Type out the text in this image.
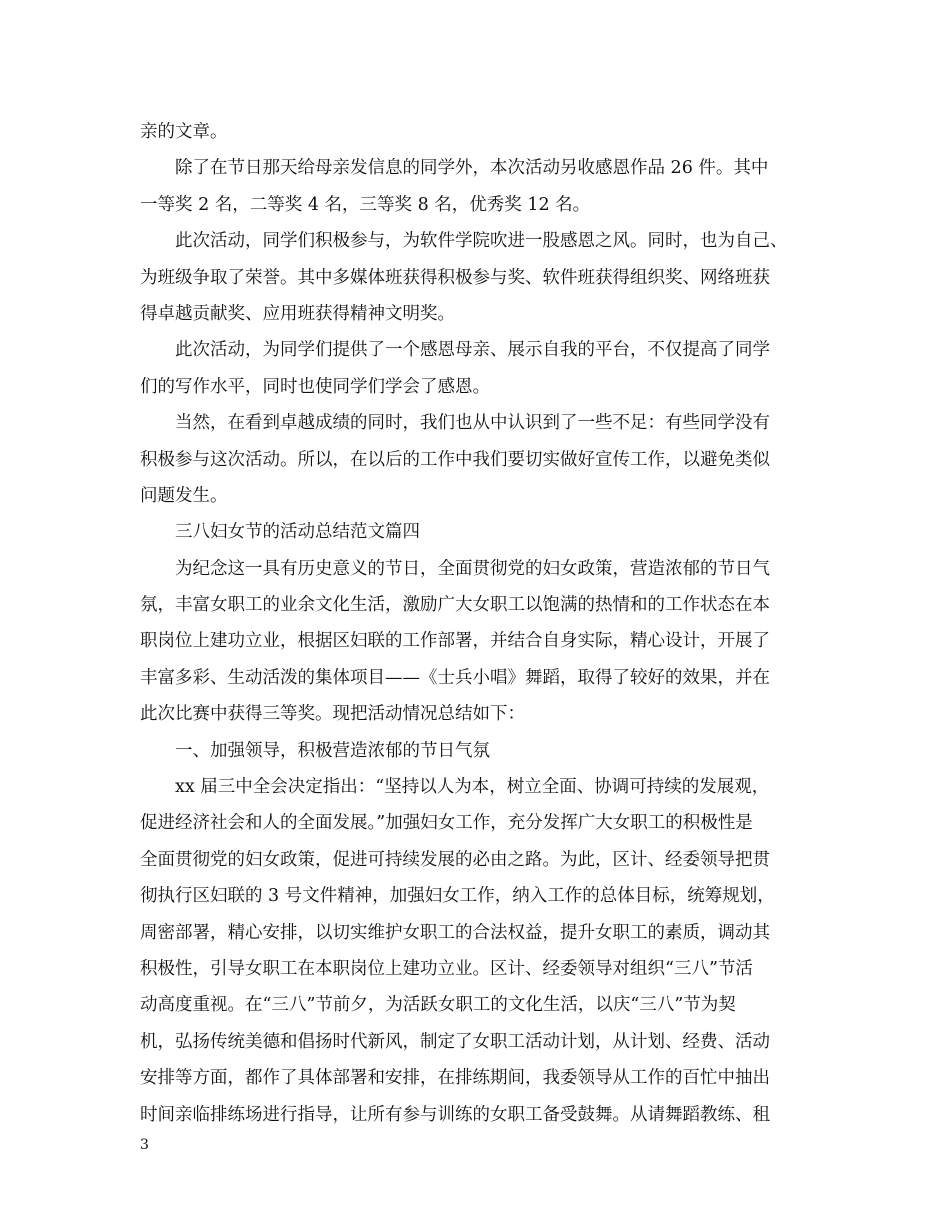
亲的文章。
除了在节日那天给母亲发信息的同学外，本次活动另收感恩作品 26 件。其中
一等奖 2 名，二等奖 4 名，三等奖 8 名，优秀奖 12 名。
此次活动，同学们积极参与，为软件学院吹进一股感恩之风。同时，也为自己、
为班级争取了荣誉。其中多媒体班获得积极参与奖、软件班获得组织奖、网络班获
得卓越贡献奖、应用班获得精神文明奖。
此次活动，为同学们提供了一个感恩母亲、展示自我的平台，不仅提高了同学
们的写作水平，同时也使同学们学会了感恩。
当然，在看到卓越成绩的同时，我们也从中认识到了一些不足：有些同学没有
积极参与这次活动。所以，在以后的工作中我们要切实做好宣传工作，以避免类似
问题发生。
三八妇女节的活动总结范文篇四
为纪念这一具有历史意义的节日，全面贯彻党的妇女政策，营造浓郁的节日气
氛，丰富女职工的业余文化生活，激励广大女职工以饱满的热情和的工作状态在本
职岗位上建功立业，根据区妇联的工作部署，并结合自身实际，精心设计，开展了
丰富多彩、生动活泼的集体项目——《士兵小唱》舞蹈，取得了较好的效果，并在
此次比赛中获得三等奖。现把活动情况总结如下：
一、加强领导，积极营造浓郁的节日气氛
xx 届三中全会决定指出：“坚持以人为本，树立全面、协调可持续的发展观，
促进经济社会和人的全面发展。”加强妇女工作，充分发挥广大女职工的积极性是
全面贯彻党的妇女政策，促进可持续发展的必由之路。为此，区计、经委领导把贯
彻执行区妇联的 3 号文件精神，加强妇女工作，纳入工作的总体目标，统筹规划，
周密部署，精心安排，以切实维护女职工的合法权益，提升女职工的素质，调动其
积极性，引导女职工在本职岗位上建功立业。区计、经委领导对组织“三八”节活
动高度重视。在“三八”节前夕，为活跃女职工的文化生活，以庆“三八”节为契
机，弘扬传统美德和倡扬时代新风，制定了女职工活动计划，从计划、经费、活动
安排等方面，都作了具体部署和安排，在排练期间，我委领导从工作的百忙中抽出
时间亲临排练场进行指导，让所有参与训练的女职工备受鼓舞。从请舞蹈教练、租
3
